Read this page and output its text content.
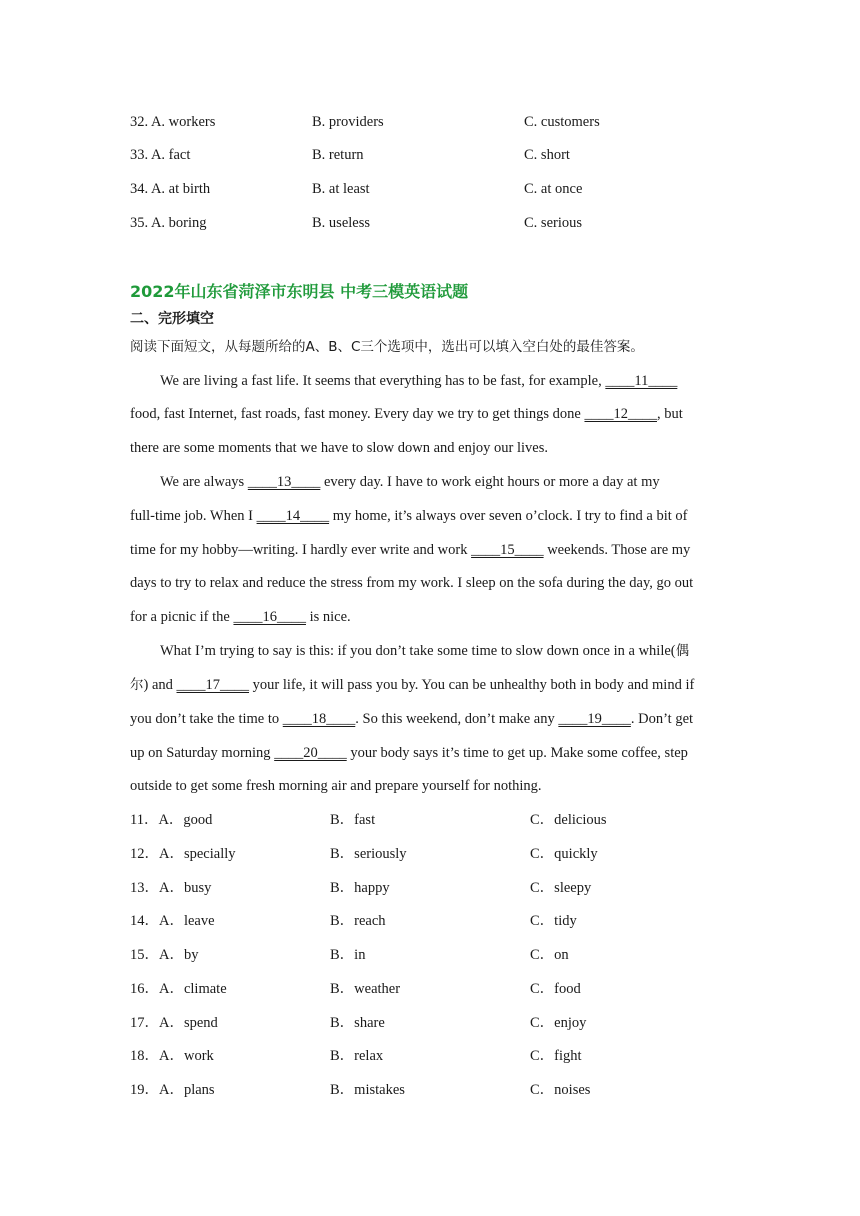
32. A. workers	B. providers	C. customers
33. A. fact	B. return	C. short
34. A. at birth	B. at least	C. at once
35. A. boring	B. useless	C. serious
2022年山东省菏泽市东明县 中考三模英语试题
二、完形填空
阅读下面短文，从每题所给的A、B、C三个选项中，选出可以填入空白处的最佳答案。
We are living a fast life. It seems that everything has to be fast, for example, ____11____
food, fast Internet, fast roads, fast money. Every day we try to get things done ____12____, but
there are some moments that we have to slow down and enjoy our lives.
We are always ____13____ every day. I have to work eight hours or more a day at my
full-time job. When I ____14____ my home, it’s always over seven o’clock. I try to find a bit of
time for my hobby—writing. I hardly ever write and work ____15____ weekends. Those are my
days to try to relax and reduce the stress from my work. I sleep on the sofa during the day, go out
for a picnic if the ____16____ is nice.
What I’m trying to say is this: if you don’t take some time to slow down once in a while(偶
尔) and ____17____ your life, it will pass you by. You can be unhealthy both in body and mind if
you don’t take the time to ____18____. So this weekend, don’t make any ____19____. Don’t get
up on Saturday morning ____20____ your body says it’s time to get up. Make some coffee, step
outside to get some fresh morning air and prepare yourself for nothing.
11．A．good	B．fast	C．delicious
12．A．specially	B．seriously	C．quickly
13．A．busy	B．happy	C．sleepy
14．A．leave	B．reach	C．tidy
15．A．by	B．in	C．on
16．A．climate	B．weather	C．food
17．A．spend	B．share	C．enjoy
18．A．work	B．relax	C．fight
19．A．plans	B．mistakes	C．noises
